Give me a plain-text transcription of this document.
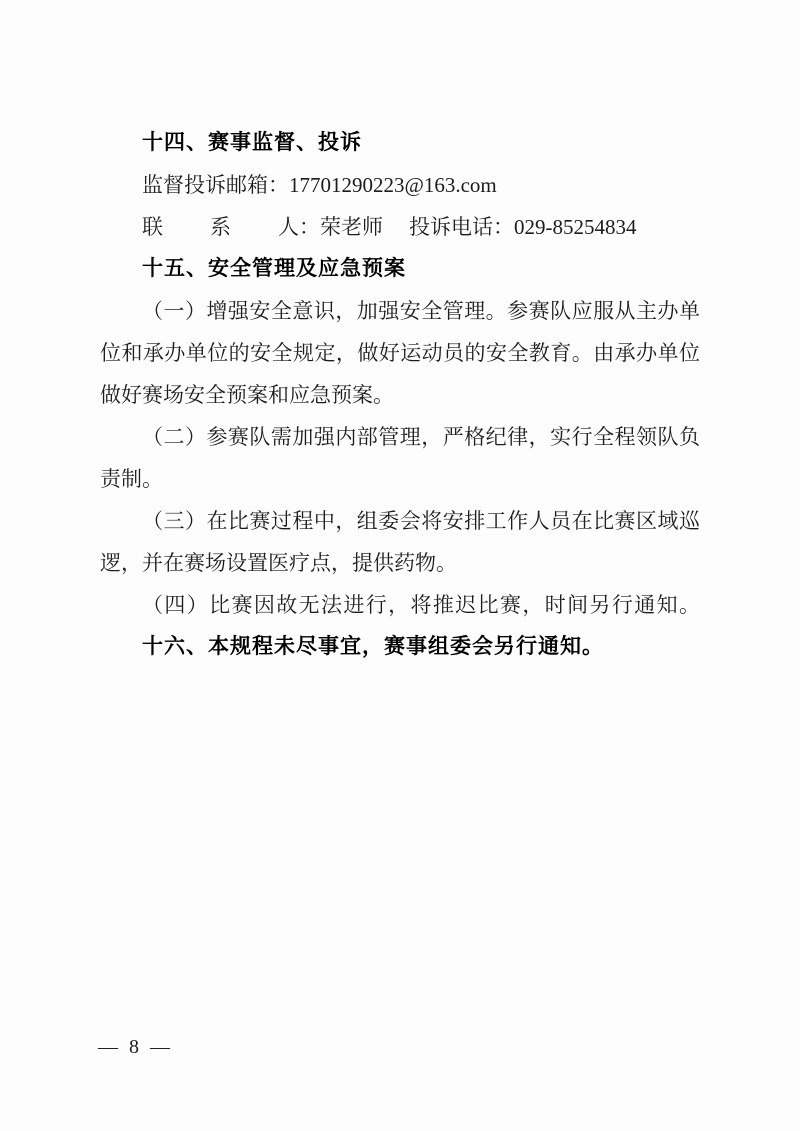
十四、赛事监督、投诉
监督投诉邮箱：17701290223@163.com
联系人：荣老师 投诉电话：029-85254834
十五、安全管理及应急预案
（一）增强安全意识，加强安全管理。参赛队应服从主办单
位和承办单位的安全规定，做好运动员的安全教育。由承办单位
做好赛场安全预案和应急预案。
（二）参赛队需加强内部管理，严格纪律，实行全程领队负
责制。
（三）在比赛过程中，组委会将安排工作人员在比赛区域巡
逻，并在赛场设置医疗点，提供药物。
（四）比赛因故无法进行，将推迟比赛，时间另行通知。
十六、本规程未尽事宜，赛事组委会另行通知。
— 8 —
